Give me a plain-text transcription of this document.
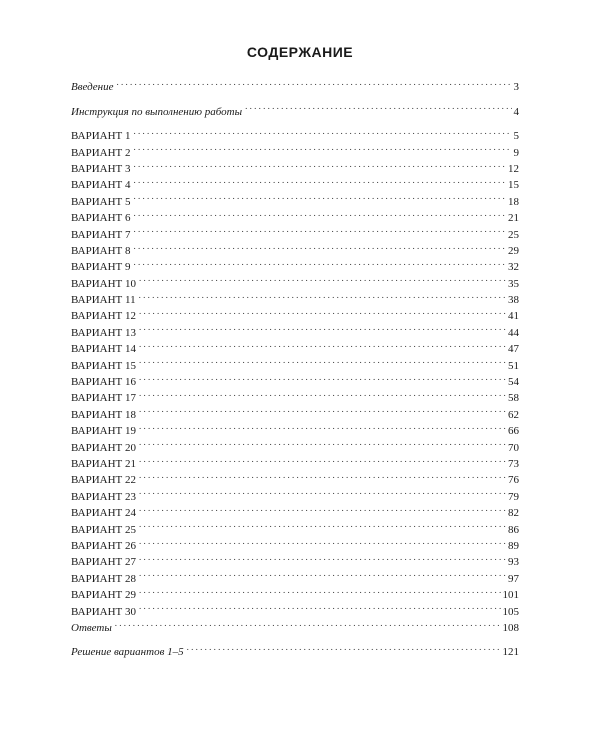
СОДЕРЖАНИЕ
Введение . . .	3
Инструкция по выполнению работы . . .	4
ВАРИАНТ 1 . . .	5
ВАРИАНТ 2 . . .	9
ВАРИАНТ 3 . . .	12
ВАРИАНТ 4 . . .	15
ВАРИАНТ 5 . . .	18
ВАРИАНТ 6 . . .	21
ВАРИАНТ 7 . . .	25
ВАРИАНТ 8 . . .	29
ВАРИАНТ 9 . . .	32
ВАРИАНТ 10 . . .	35
ВАРИАНТ 11 . . .	38
ВАРИАНТ 12 . . .	41
ВАРИАНТ 13 . . .	44
ВАРИАНТ 14 . . .	47
ВАРИАНТ 15 . . .	51
ВАРИАНТ 16 . . .	54
ВАРИАНТ 17 . . .	58
ВАРИАНТ 18 . . .	62
ВАРИАНТ 19 . . .	66
ВАРИАНТ 20 . . .	70
ВАРИАНТ 21 . . .	73
ВАРИАНТ 22 . . .	76
ВАРИАНТ 23 . . .	79
ВАРИАНТ 24 . . .	82
ВАРИАНТ 25 . . .	86
ВАРИАНТ 26 . . .	89
ВАРИАНТ 27 . . .	93
ВАРИАНТ 28 . . .	97
ВАРИАНТ 29 . . .	101
ВАРИАНТ 30 . . .	105
Ответы . . .	108
Решение вариантов 1–5 . . .	121
